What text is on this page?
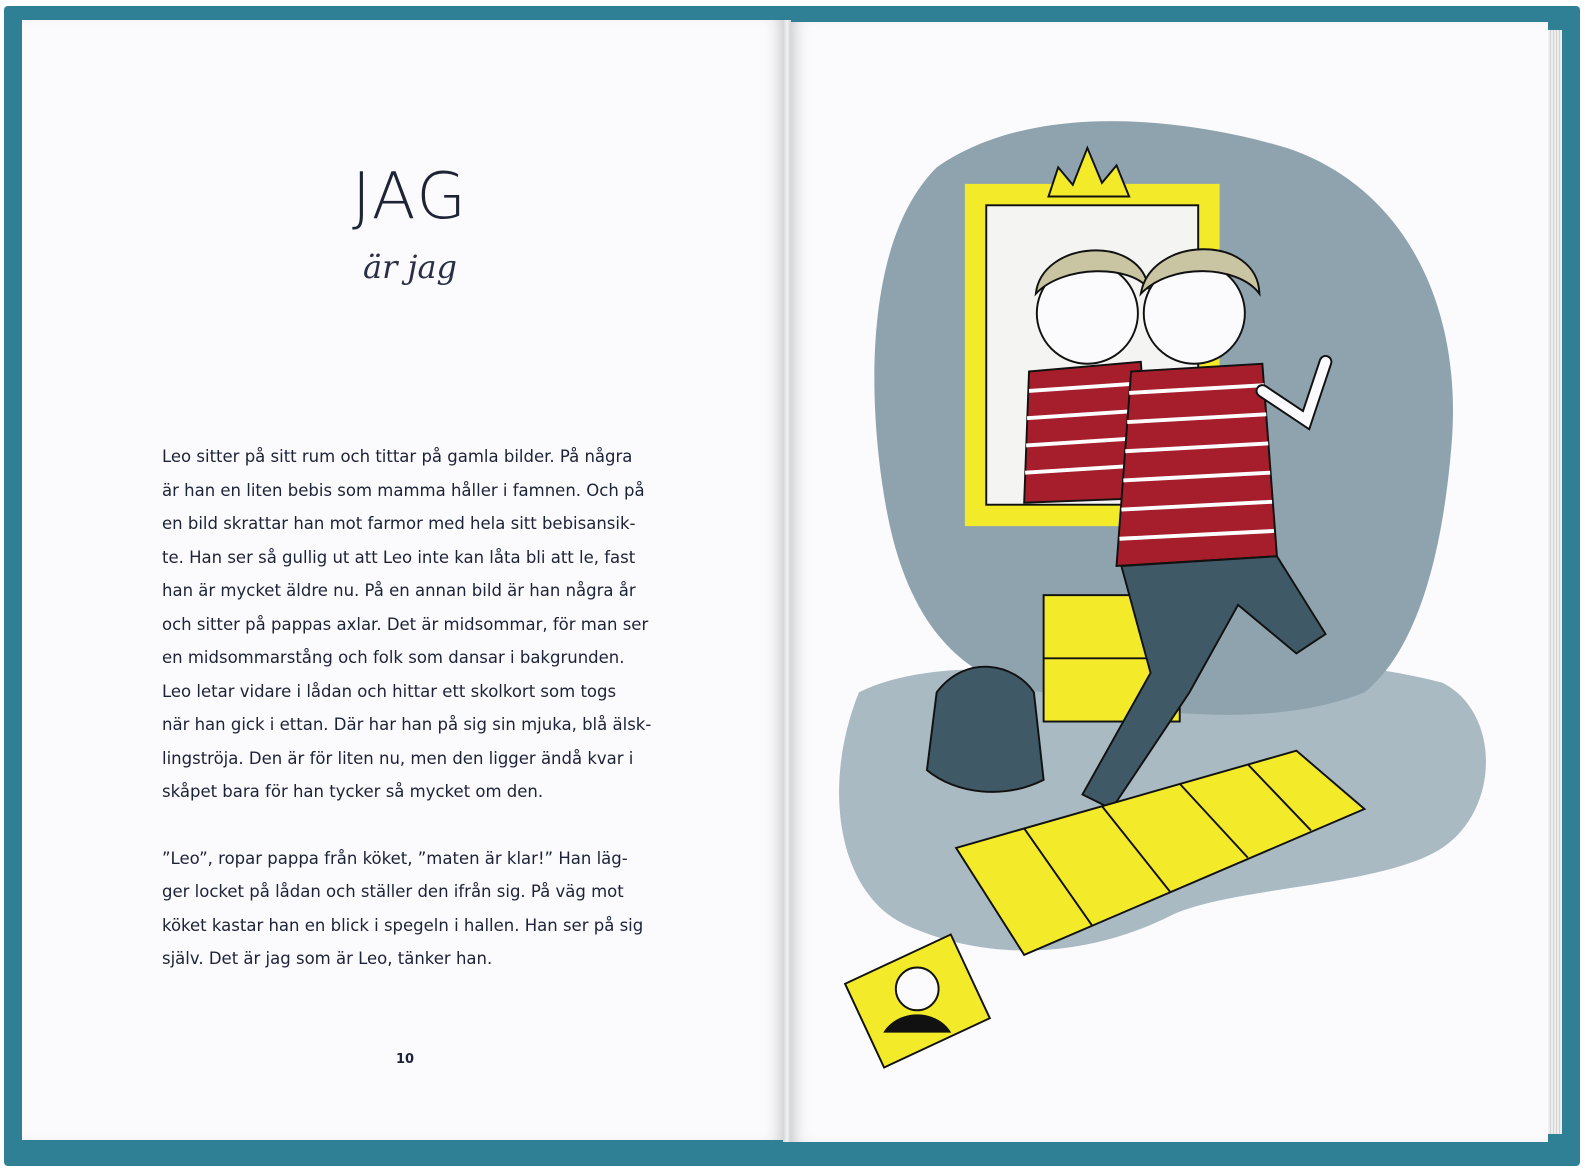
JAG
är jag

Leo sitter på sitt rum och tittar på gamla bilder. På några
är han en liten bebis som mamma håller i famnen. Och på
en bild skrattar han mot farmor med hela sitt bebisansik-
te. Han ser så gullig ut att Leo inte kan låta bli att le, fast
han är mycket äldre nu. På en annan bild är han några år
och sitter på pappas axlar. Det är midsommar, för man ser
en midsommarstång och folk som dansar i bakgrunden.
Leo letar vidare i lådan och hittar ett skolkort som togs
när han gick i ettan. Där har han på sig sin mjuka, blå älsk-
lingströja. Den är för liten nu, men den ligger ändå kvar i
skåpet bara för han tycker så mycket om den.

”Leo”, ropar pappa från köket, ”maten är klar!” Han läg-
ger locket på lådan och ställer den ifrån sig. På väg mot
köket kastar han en blick i spegeln i hallen. Han ser på sig
själv. Det är jag som är Leo, tänker han.

10
